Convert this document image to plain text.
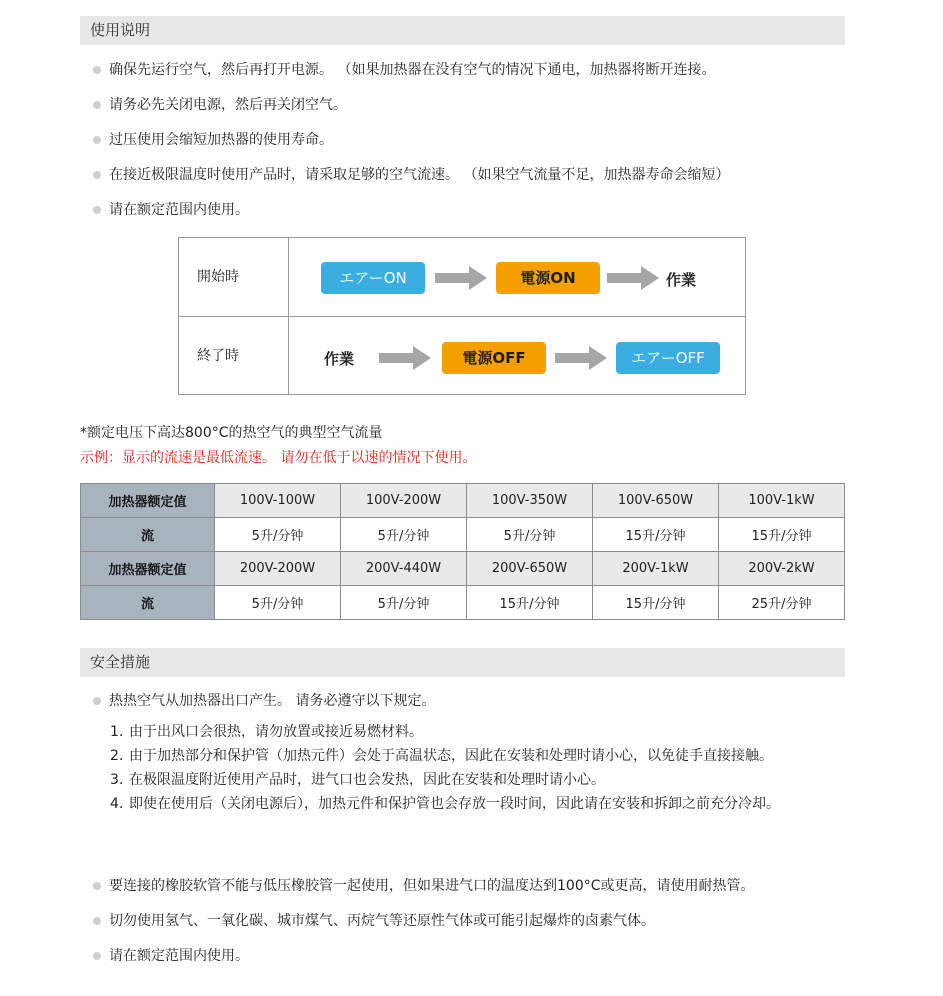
使用说明
确保先运行空气，然后再打开电源。 （如果加热器在没有空气的情况下通电，加热器将断开连接。
请务必先关闭电源，然后再关闭空气。
过压使用会缩短加热器的使用寿命。
在接近极限温度时使用产品时，请采取足够的空气流速。 （如果空气流量不足，加热器寿命会缩短）
请在额定范围内使用。
開始時	エアーON	電源ON	作業
終了時	作業	電源OFF	エアーOFF
*额定电压下高达800°C的热空气的典型空气流量
示例：显示的流速是最低流速。 请勿在低于以速的情况下使用。
加热器额定值	100V-100W	100V-200W	100V-350W	100V-650W	100V-1kW
流	5升/分钟	5升/分钟	5升/分钟	15升/分钟	15升/分钟
加热器额定值	200V-200W	200V-440W	200V-650W	200V-1kW	200V-2kW
流	5升/分钟	5升/分钟	15升/分钟	15升/分钟	25升/分钟
安全措施
热热空气从加热器出口产生。 请务必遵守以下规定。
1. 由于出风口会很热，请勿放置或接近易燃材料。
2. 由于加热部分和保护管（加热元件）会处于高温状态，因此在安装和处理时请小心，以免徒手直接接触。
3. 在极限温度附近使用产品时，进气口也会发热，因此在安装和处理时请小心。
4. 即使在使用后（关闭电源后），加热元件和保护管也会存放一段时间，因此请在安装和拆卸之前充分冷却。
要连接的橡胶软管不能与低压橡胶管一起使用，但如果进气口的温度达到100°C或更高，请使用耐热管。
切勿使用氢气、一氧化碳、城市煤气、丙烷气等还原性气体或可能引起爆炸的卤素气体。
请在额定范围内使用。
